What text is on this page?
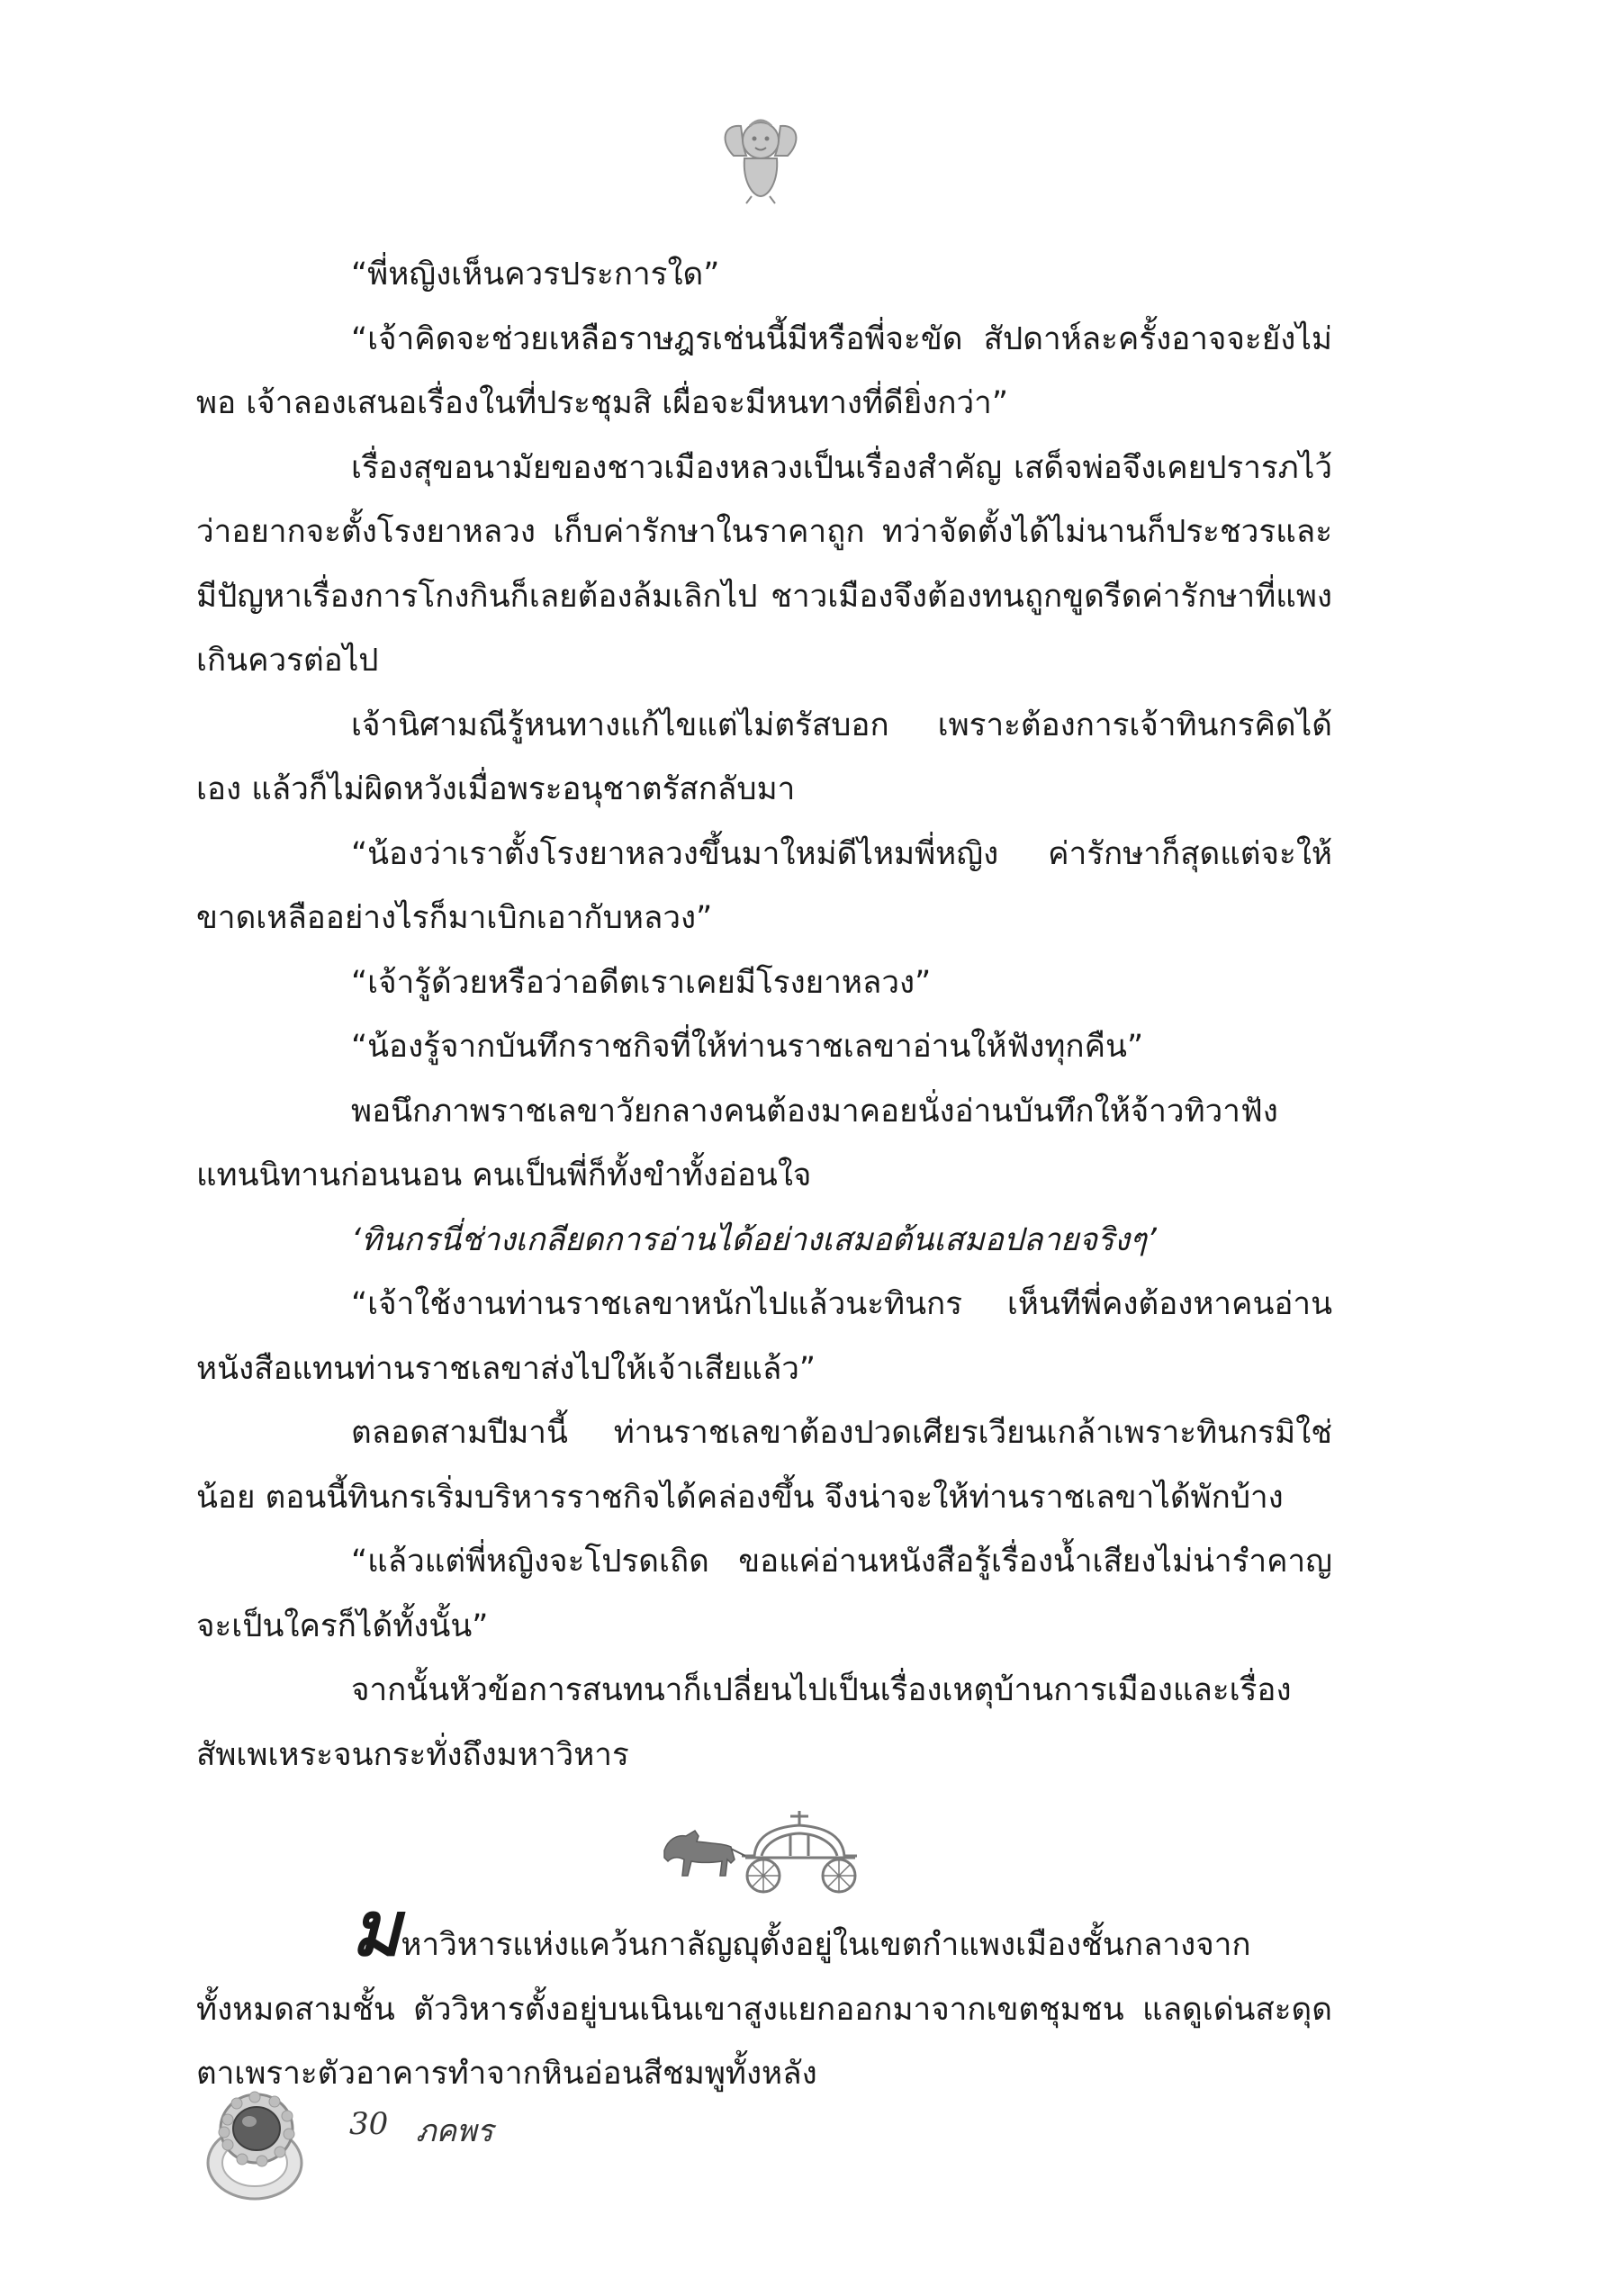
“พี่หญิงเห็นควรประการใด”

“เจ้าคิดจะช่วยเหลือราษฎรเช่นนี้มีหรือพี่จะขัด สัปดาห์ละครั้งอาจจะยังไม่พอ เจ้าลองเสนอเรื่องในที่ประชุมสิ เผื่อจะมีหนทางที่ดียิ่งกว่า”

เรื่องสุขอนามัยของชาวเมืองหลวงเป็นเรื่องสำคัญ เสด็จพ่อจึงเคยปรารภไว้ว่าอยากจะตั้งโรงยาหลวง เก็บค่ารักษาในราคาถูก ทว่าจัดตั้งได้ไม่นานก็ประชวรและมีปัญหาเรื่องการโกงกินก็เลยต้องล้มเลิกไป ชาวเมืองจึงต้องทนถูกขูดรีดค่ารักษาที่แพงเกินควรต่อไป

เจ้านิศามณีรู้หนทางแก้ไขแต่ไม่ตรัสบอก เพราะต้องการเจ้าทินกรคิดได้เอง แล้วก็ไม่ผิดหวังเมื่อพระอนุชาตรัสกลับมา

“น้องว่าเราตั้งโรงยาหลวงขึ้นมาใหม่ดีไหมพี่หญิง ค่ารักษาก็สุดแต่จะให้ ขาดเหลืออย่างไรก็มาเบิกเอากับหลวง”

“เจ้ารู้ด้วยหรือว่าอดีตเราเคยมีโรงยาหลวง”

“น้องรู้จากบันทึกราชกิจที่ให้ท่านราชเลขาอ่านให้ฟังทุกคืน”

พอนึกภาพราชเลขาวัยกลางคนต้องมาคอยนั่งอ่านบันทึกให้จ้าวทิวาฟังแทนนิทานก่อนนอน คนเป็นพี่ก็ทั้งขำทั้งอ่อนใจ

‘ทินกรนี่ช่างเกลียดการอ่านได้อย่างเสมอต้นเสมอปลายจริงๆ’

“เจ้าใช้งานท่านราชเลขาหนักไปแล้วนะทินกร เห็นทีพี่คงต้องหาคนอ่านหนังสือแทนท่านราชเลขาส่งไปให้เจ้าเสียแล้ว”

ตลอดสามปีมานี้ ท่านราชเลขาต้องปวดเศียรเวียนเกล้าเพราะทินกรมิใช่น้อย ตอนนี้ทินกรเริ่มบริหารราชกิจได้คล่องขึ้น จึงน่าจะให้ท่านราชเลขาได้พักบ้าง

“แล้วแต่พี่หญิงจะโปรดเถิด ขอแค่อ่านหนังสือรู้เรื่องน้ำเสียงไม่น่ารำคาญจะเป็นใครก็ได้ทั้งนั้น”

จากนั้นหัวข้อการสนทนาก็เปลี่ยนไปเป็นเรื่องเหตุบ้านการเมืองและเรื่องสัพเพเหระจนกระทั่งถึงมหาวิหาร

มหาวิหารแห่งแคว้นกาลัญญุตั้งอยู่ในเขตกำแพงเมืองชั้นกลางจากทั้งหมดสามชั้น ตัววิหารตั้งอยู่บนเนินเขาสูงแยกออกมาจากเขตชุมชน แลดูเด่นสะดุดตาเพราะตัวอาคารทำจากหินอ่อนสีชมพูทั้งหลัง

30 ภคพร
